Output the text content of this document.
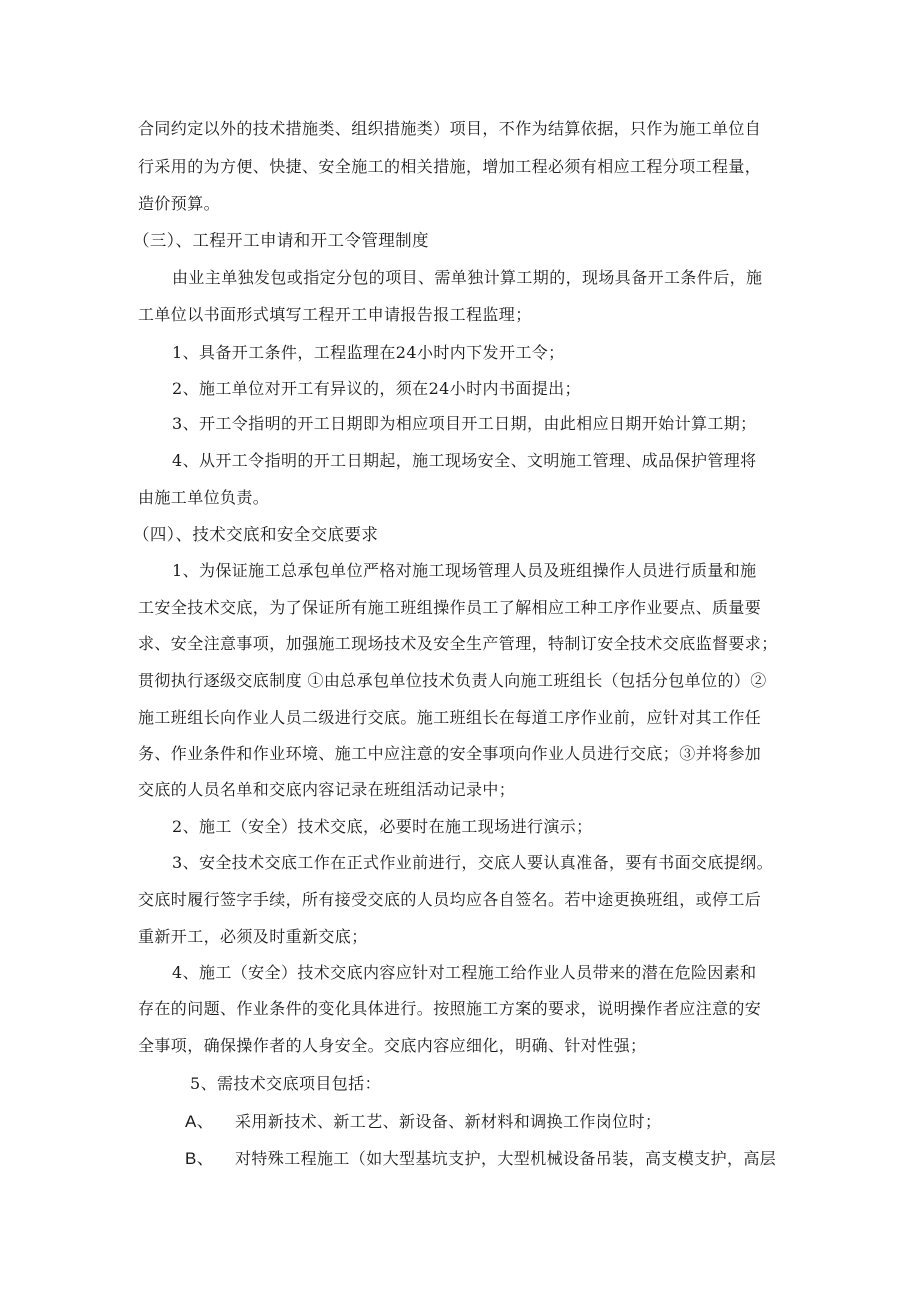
合同约定以外的技术措施类、组织措施类）项目，不作为结算依据，只作为施工单位自
行采用的为方便、快捷、安全施工的相关措施，增加工程必须有相应工程分项工程量，
造价预算。
（三）、工程开工申请和开工令管理制度
由业主单独发包或指定分包的项目、需单独计算工期的，现场具备开工条件后，施
工单位以书面形式填写工程开工申请报告报工程监理；
1、具备开工条件，工程监理在24小时内下发开工令；
2、施工单位对开工有异议的，须在24小时内书面提出；
3、开工令指明的开工日期即为相应项目开工日期，由此相应日期开始计算工期；
4、从开工令指明的开工日期起，施工现场安全、文明施工管理、成品保护管理将
由施工单位负责。
（四）、技术交底和安全交底要求
1、为保证施工总承包单位严格对施工现场管理人员及班组操作人员进行质量和施
工安全技术交底，为了保证所有施工班组操作员工了解相应工种工序作业要点、质量要
求、安全注意事项，加强施工现场技术及安全生产管理，特制订安全技术交底监督要求；
贯彻执行逐级交底制度 ①由总承包单位技术负责人向施工班组长（包括分包单位的）②
施工班组长向作业人员二级进行交底。施工班组长在每道工序作业前，应针对其工作任
务、作业条件和作业环境、施工中应注意的安全事项向作业人员进行交底；③并将参加
交底的人员名单和交底内容记录在班组活动记录中；
2、施工（安全）技术交底，必要时在施工现场进行演示；
3、安全技术交底工作在正式作业前进行，交底人要认真准备，要有书面交底提纲。
交底时履行签字手续，所有接受交底的人员均应各自签名。若中途更换班组，或停工后
重新开工，必须及时重新交底；
4、施工（安全）技术交底内容应针对工程施工给作业人员带来的潜在危险因素和
存在的问题、作业条件的变化具体进行。按照施工方案的要求，说明操作者应注意的安
全事项，确保操作者的人身安全。交底内容应细化，明确、针对性强；
5、需技术交底项目包括：
A、 采用新技术、新工艺、新设备、新材料和调换工作岗位时；
B、 对特殊工程施工（如大型基坑支护，大型机械设备吊装，高支模支护，高层
